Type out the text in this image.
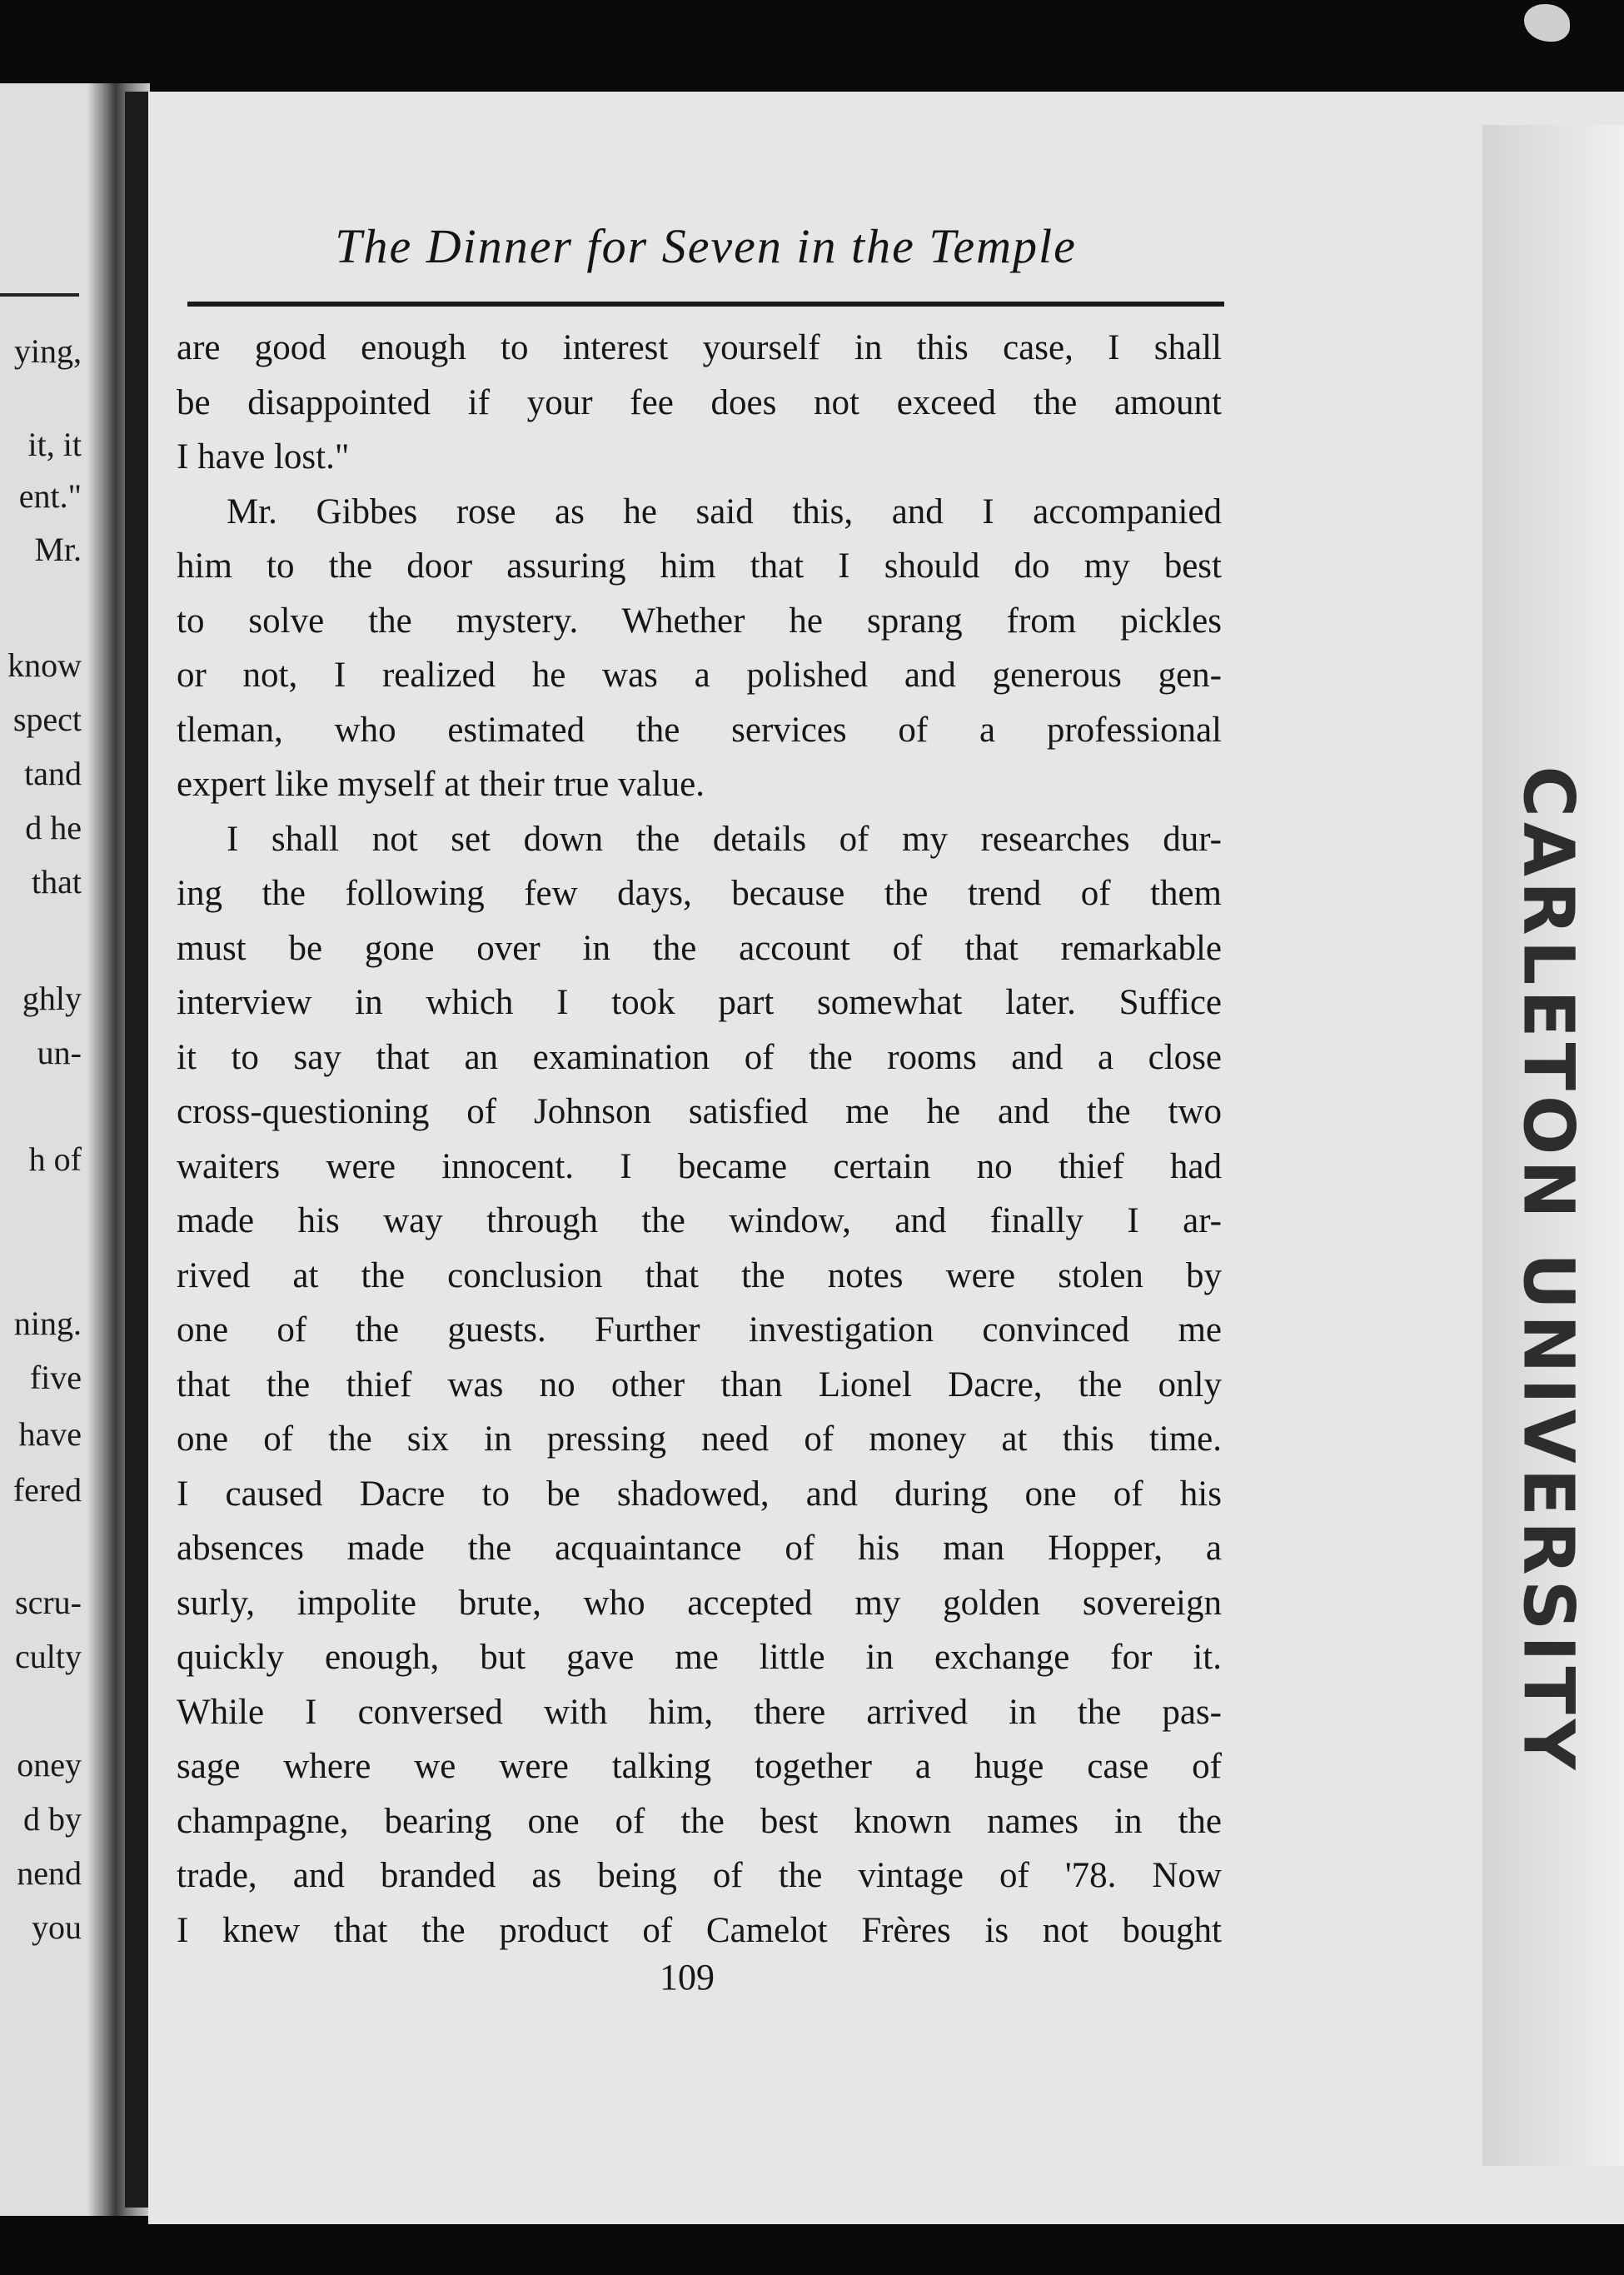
ying,
it, it
ent."
Mr.
know
spect
tand
d he
that
ghly
un-
h of
ning.
five
have
fered
scru-
culty
oney
d by
nend
you
The Dinner for Seven in the Temple
are good enough to interest yourself in this case, I shall
be disappointed if your fee does not exceed the amount
I have lost."
Mr. Gibbes rose as he said this, and I accompanied
him to the door assuring him that I should do my best
to solve the mystery. Whether he sprang from pickles
or not, I realized he was a polished and generous gen-
tleman, who estimated the services of a professional
expert like myself at their true value.
I shall not set down the details of my researches dur-
ing the following few days, because the trend of them
must be gone over in the account of that remarkable
interview in which I took part somewhat later. Suffice
it to say that an examination of the rooms and a close
cross-questioning of Johnson satisfied me he and the two
waiters were innocent. I became certain no thief had
made his way through the window, and finally I ar-
rived at the conclusion that the notes were stolen by
one of the guests. Further investigation convinced me
that the thief was no other than Lionel Dacre, the only
one of the six in pressing need of money at this time.
I caused Dacre to be shadowed, and during one of his
absences made the acquaintance of his man Hopper, a
surly, impolite brute, who accepted my golden sovereign
quickly enough, but gave me little in exchange for it.
While I conversed with him, there arrived in the pas-
sage where we were talking together a huge case of
champagne, bearing one of the best known names in the
trade, and branded as being of the vintage of '78. Now
I knew that the product of Camelot Frères is not bought
109
CARLETON UNIVERSITY
